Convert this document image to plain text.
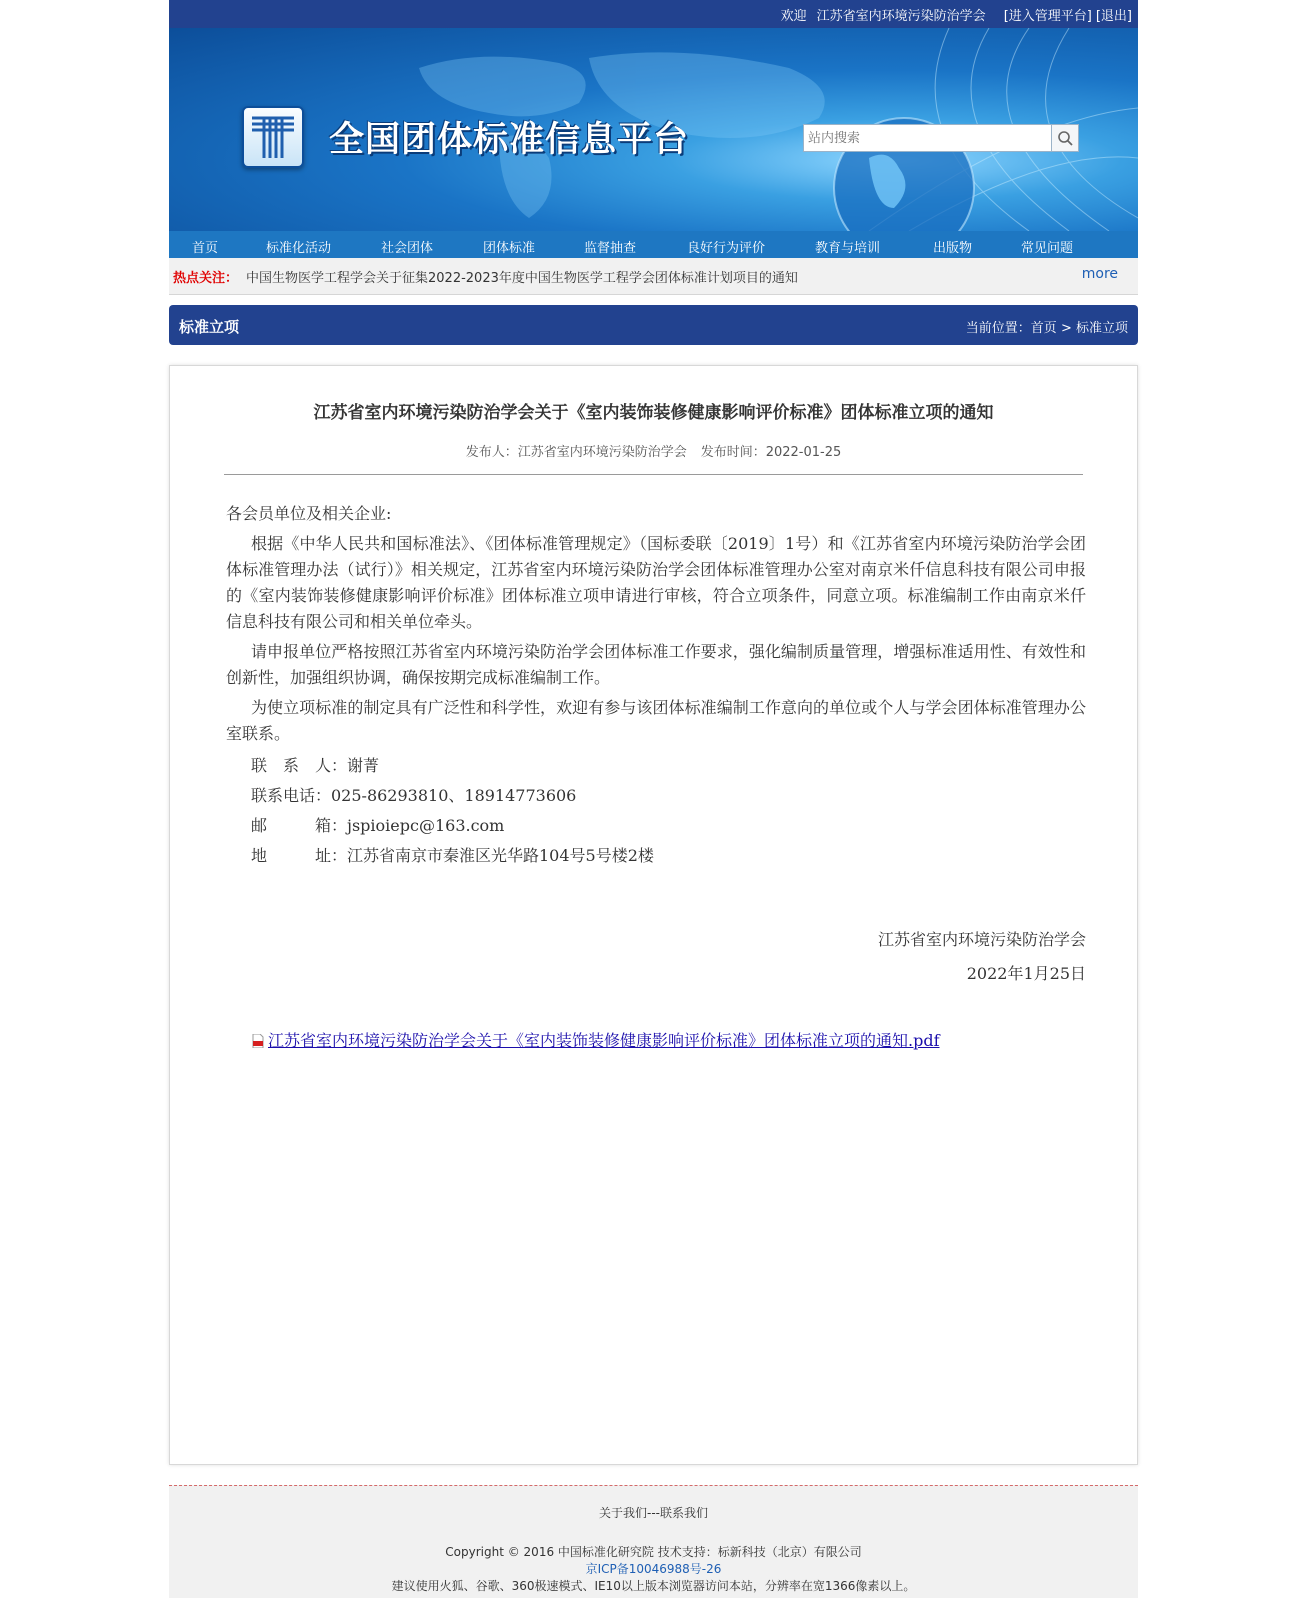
欢迎 江苏省室内环境污染防治学会 [进入管理平台] [退出]
全国团体标准信息平台
站内搜索
首页	标准化活动	社会团体	团体标准	监督抽查	良好行为评价	教育与培训	出版物	常见问题
热点关注： 中国生物医学工程学会关于征集2022-2023年度中国生物医学工程学会团体标准计划项目的通知	more
标准立项	当前位置：首页 > 标准立项
江苏省室内环境污染防治学会关于《室内装饰装修健康影响评价标准》团体标准立项的通知
发布人：江苏省室内环境污染防治学会 发布时间：2022-01-25

各会员单位及相关企业:

根据《中华人民共和国标准法》、《团体标准管理规定》（国标委联〔2019〕1号）和《江苏省室内环境污染防治学会团体标准管理办法（试行）》相关规定，江苏省室内环境污染防治学会团体标准管理办公室对南京米仟信息科技有限公司申报的《室内装饰装修健康影响评价标准》团体标准立项申请进行审核，符合立项条件，同意立项。标准编制工作由南京米仟信息科技有限公司和相关单位牵头。

请申报单位严格按照江苏省室内环境污染防治学会团体标准工作要求，强化编制质量管理，增强标准适用性、有效性和创新性，加强组织协调，确保按期完成标准编制工作。

为使立项标准的制定具有广泛性和科学性，欢迎有参与该团体标准编制工作意向的单位或个人与学会团体标准管理办公室联系。

联　系　人：谢菁

联系电话：025-86293810、18914773606

邮　　　箱：jspioiepc@163.com

地　　　址：江苏省南京市秦淮区光华路104号5号楼2楼

江苏省室内环境污染防治学会

2022年1月25日

江苏省室内环境污染防治学会关于《室内装饰装修健康影响评价标准》团体标准立项的通知.pdf
关于我们---联系我们
Copyright © 2016 中国标准化研究院 技术支持：标新科技（北京）有限公司
京ICP备10046988号-26
建议使用火狐、谷歌、360极速模式、IE10以上版本浏览器访问本站，分辨率在宽1366像素以上。
